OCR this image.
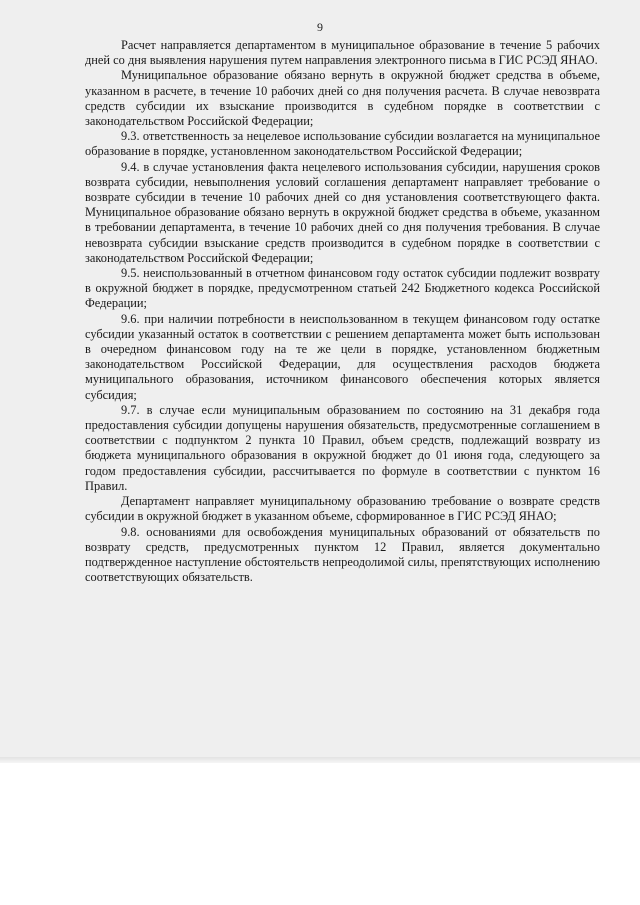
9

Расчет направляется департаментом в муниципальное образование в течение 5 рабочих дней со дня выявления нарушения путем направления электронного письма в ГИС РСЭД ЯНАО.

Муниципальное образование обязано вернуть в окружной бюджет средства в объеме, указанном в расчете, в течение 10 рабочих дней со дня получения расчета. В случае невозврата средств субсидии их взыскание производится в судебном порядке в соответствии с законодательством Российской Федерации;

9.3. ответственность за нецелевое использование субсидии возлагается на муниципальное образование в порядке, установленном законодательством Российской Федерации;

9.4. в случае установления факта нецелевого использования субсидии, нарушения сроков возврата субсидии, невыполнения условий соглашения департамент направляет требование о возврате субсидии в течение 10 рабочих дней со дня установления соответствующего факта. Муниципальное образование обязано вернуть в окружной бюджет средства в объеме, указанном в требовании департамента, в течение 10 рабочих дней со дня получения требования. В случае невозврата субсидии взыскание средств производится в судебном порядке в соответствии с законодательством Российской Федерации;

9.5. неиспользованный в отчетном финансовом году остаток субсидии подлежит возврату в окружной бюджет в порядке, предусмотренном статьей 242 Бюджетного кодекса Российской Федерации;

9.6. при наличии потребности в неиспользованном в текущем финансовом году остатке субсидии указанный остаток в соответствии с решением департамента может быть использован в очередном финансовом году на те же цели в порядке, установленном бюджетным законодательством Российской Федерации, для осуществления расходов бюджета муниципального образования, источником финансового обеспечения которых является субсидия;

9.7. в случае если муниципальным образованием по состоянию на 31 декабря года предоставления субсидии допущены нарушения обязательств, предусмотренные соглашением в соответствии с подпунктом 2 пункта 10 Правил, объем средств, подлежащий возврату из бюджета муниципального образования в окружной бюджет до 01 июня года, следующего за годом предоставления субсидии, рассчитывается по формуле в соответствии с пунктом 16 Правил.

Департамент направляет муниципальному образованию требование о возврате средств субсидии в окружной бюджет в указанном объеме, сформированное в ГИС РСЭД ЯНАО;

9.8. основаниями для освобождения муниципальных образований от обязательств по возврату средств, предусмотренных пунктом 12 Правил, является документально подтвержденное наступление обстоятельств непреодолимой силы, препятствующих исполнению соответствующих обязательств.
